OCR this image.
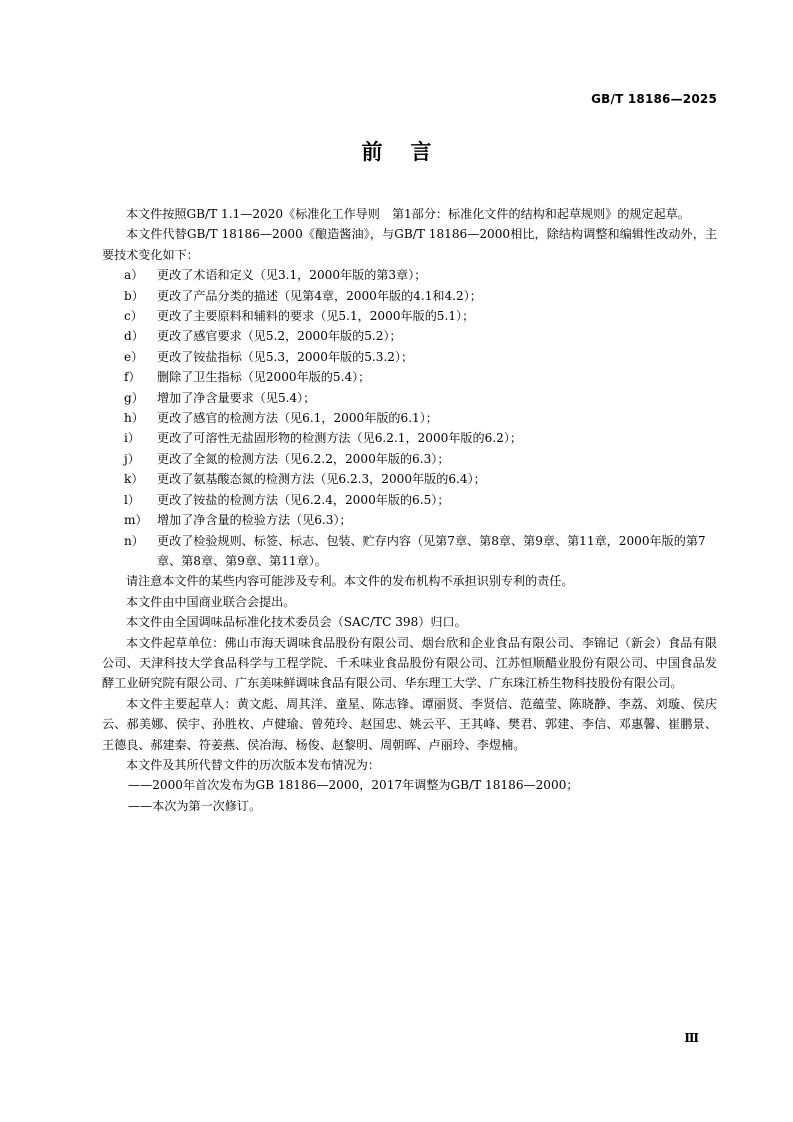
GB/T 18186—2025
前言

本文件按照GB/T 1.1—2020《标准化工作导则　第1部分：标准化文件的结构和起草规则》的规定起草。

本文件代替GB/T 18186—2000《酿造酱油》，与GB/T 18186—2000相比，除结构调整和编辑性改动外，主要技术变化如下：

a）	更改了术语和定义（见3.1，2000年版的第3章）；
b）	更改了产品分类的描述（见第4章，2000年版的4.1和4.2）；
c）	更改了主要原料和辅料的要求（见5.1，2000年版的5.1）；
d）	更改了感官要求（见5.2，2000年版的5.2）；
e）	更改了铵盐指标（见5.3，2000年版的5.3.2）；
f）	删除了卫生指标（见2000年版的5.4）；
g）	增加了净含量要求（见5.4）；
h）	更改了感官的检测方法（见6.1，2000年版的6.1）；
i）	更改了可溶性无盐固形物的检测方法（见6.2.1，2000年版的6.2）；
j）	更改了全氮的检测方法（见6.2.2，2000年版的6.3）；
k）	更改了氨基酸态氮的检测方法（见6.2.3，2000年版的6.4）；
l）	更改了铵盐的检测方法（见6.2.4，2000年版的6.5）；
m） 增加了净含量的检验方法（见6.3）；
n）	更改了检验规则、标签、标志、包装、贮存内容（见第7章、第8章、第9章、第11章，2000年版的第7章、第8章、第9章、第11章）。

请注意本文件的某些内容可能涉及专利。本文件的发布机构不承担识别专利的责任。

本文件由中国商业联合会提出。

本文件由全国调味品标准化技术委员会（SAC/TC 398）归口。

本文件起草单位：佛山市海天调味食品股份有限公司、烟台欣和企业食品有限公司、李锦记（新会）食品有限公司、天津科技大学食品科学与工程学院、千禾味业食品股份有限公司、江苏恒顺醋业股份有限公司、中国食品发酵工业研究院有限公司、广东美味鲜调味食品有限公司、华东理工大学、广东珠江桥生物科技股份有限公司。

本文件主要起草人：黄文彪、周其洋、童星、陈志锋、谭丽贤、李贤信、范蕴莹、陈晓静、李荔、刘璇、侯庆云、郝美娜、侯宇、孙胜枚、卢健瑜、曾苑玲、赵国忠、姚云平、王其峰、樊君、郭建、李信、邓惠馨、崔鹏景、王德良、郝建秦、符姜燕、侯冶海、杨俊、赵黎明、周朝晖、卢丽玲、李煜楠。

本文件及其所代替文件的历次版本发布情况为：

——2000年首次发布为GB 18186—2000，2017年调整为GB/T 18186—2000；

——本次为第一次修订。

Ⅲ
